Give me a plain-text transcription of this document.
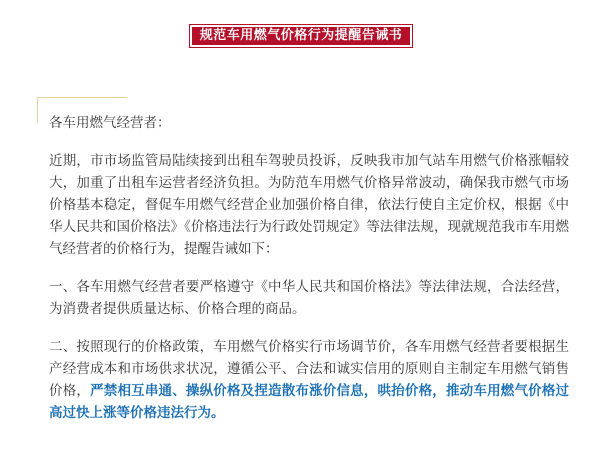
规范车用燃气价格行为提醒告诫书

各车用燃气经营者：

近期，市市场监管局陆续接到出租车驾驶员投诉，反映我市加气站车用燃气价格涨幅较大，加重了出租车运营者经济负担。为防范车用燃气价格异常波动，确保我市燃气市场价格基本稳定，督促车用燃气经营企业加强价格自律，依法行使自主定价权，根据《中华人民共和国价格法》《价格违法行为行政处罚规定》等法律法规，现就规范我市车用燃气经营者的价格行为，提醒告诫如下：

一、各车用燃气经营者要严格遵守《中华人民共和国价格法》等法律法规，合法经营，为消费者提供质量达标、价格合理的商品。

二、按照现行的价格政策，车用燃气价格实行市场调节价，各车用燃气经营者要根据生产经营成本和市场供求状况，遵循公平、合法和诚实信用的原则自主制定车用燃气销售价格，严禁相互串通、操纵价格及捏造散布涨价信息，哄抬价格，推动车用燃气价格过高过快上涨等价格违法行为。
